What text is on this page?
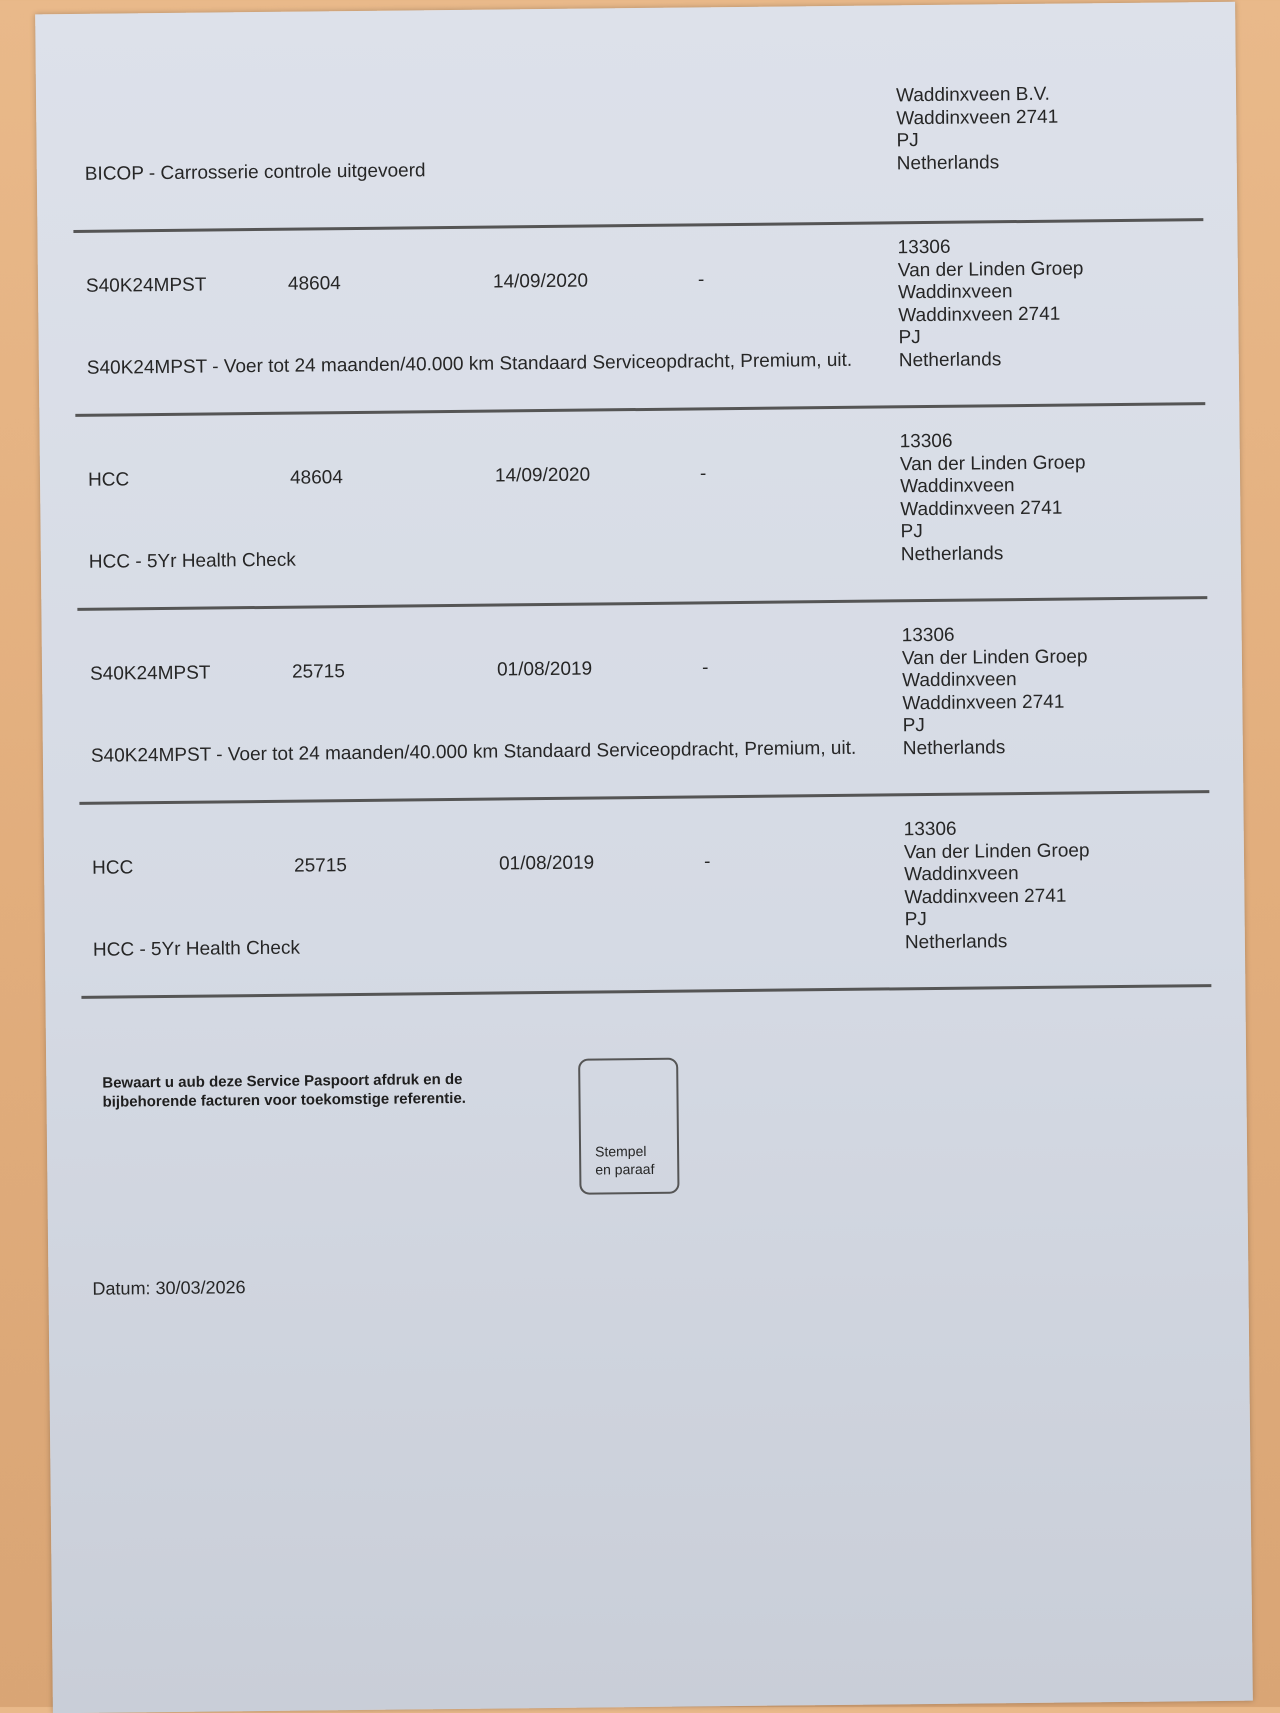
BICOP - Carrosserie controle uitgevoerd
Waddinxveen B.V.
Waddinxveen 2741
PJ
Netherlands
S40K24MPST	48604	14/09/2020	-
S40K24MPST - Voer tot 24 maanden/40.000 km Standaard Serviceopdracht, Premium, uit.
13306
Van der Linden Groep
Waddinxveen
Waddinxveen 2741
PJ
Netherlands
HCC	48604	14/09/2020	-
HCC - 5Yr Health Check
13306
Van der Linden Groep
Waddinxveen
Waddinxveen 2741
PJ
Netherlands
S40K24MPST	25715	01/08/2019	-
S40K24MPST - Voer tot 24 maanden/40.000 km Standaard Serviceopdracht, Premium, uit.
13306
Van der Linden Groep
Waddinxveen
Waddinxveen 2741
PJ
Netherlands
HCC	25715	01/08/2019	-
HCC - 5Yr Health Check
13306
Van der Linden Groep
Waddinxveen
Waddinxveen 2741
PJ
Netherlands
Bewaart u aub deze Service Paspoort afdruk en de
bijbehorende facturen voor toekomstige referentie.
Stempel
en paraaf
Datum: 30/03/2026
